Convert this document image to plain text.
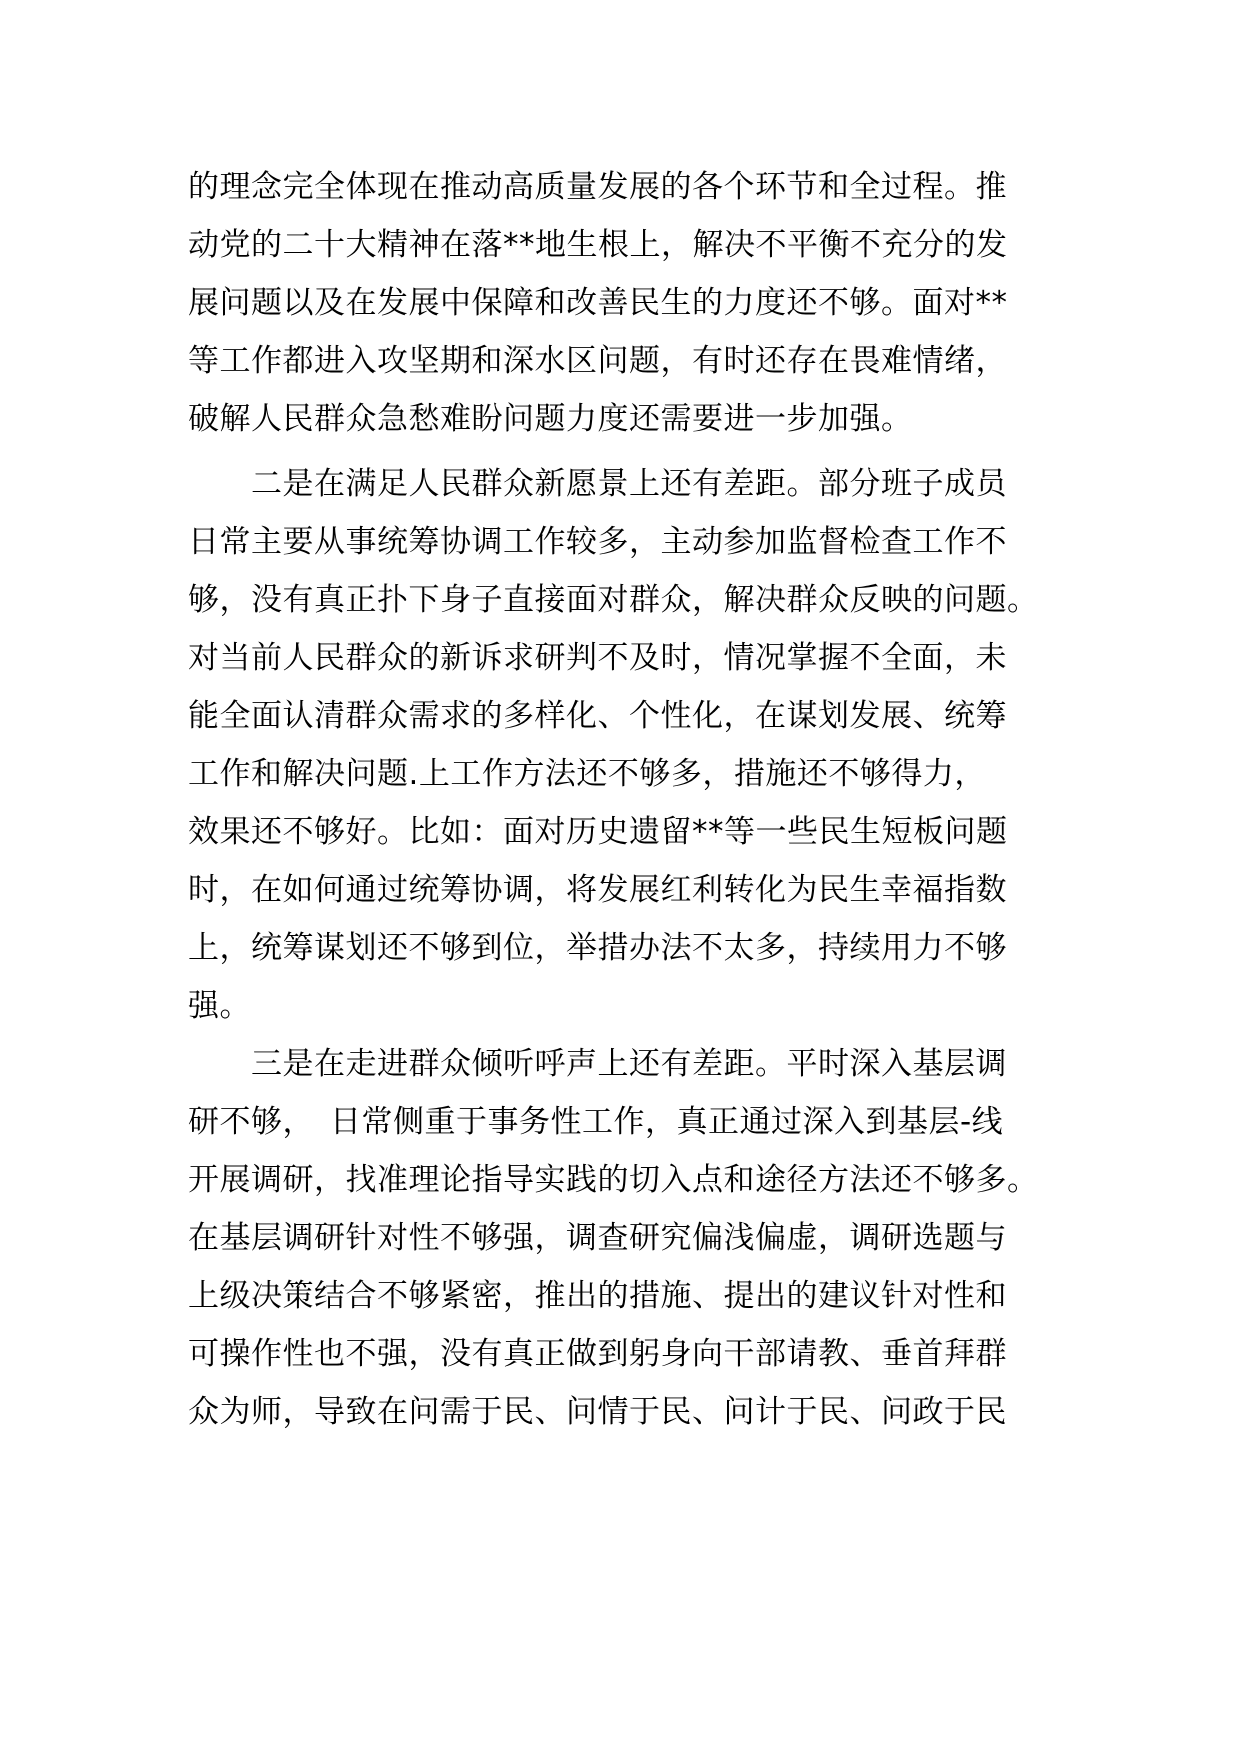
的理念完全体现在推动高质量发展的各个环节和全过程。推
动党的二十大精神在落**地生根上，解决不平衡不充分的发
展问题以及在发展中保障和改善民生的力度还不够。面对**
等工作都进入攻坚期和深水区问题，有时还存在畏难情绪，
破解人民群众急愁难盼问题力度还需要进一步加强。
　　二是在满足人民群众新愿景上还有差距。部分班子成员
日常主要从事统筹协调工作较多，主动参加监督检查工作不
够，没有真正扑下身子直接面对群众，解决群众反映的问题。
对当前人民群众的新诉求研判不及时，情况掌握不全面，未
能全面认清群众需求的多样化、个性化，在谋划发展、统筹
工作和解决问题.上工作方法还不够多，措施还不够得力，
效果还不够好。比如：面对历史遗留**等一些民生短板问题
时，在如何通过统筹协调，将发展红利转化为民生幸福指数
上，统筹谋划还不够到位，举措办法不太多，持续用力不够
强。
　　三是在走进群众倾听呼声上还有差距。平时深入基层调
研不够，　日常侧重于事务性工作，真正通过深入到基层-线
开展调研，找准理论指导实践的切入点和途径方法还不够多。
在基层调研针对性不够强，调查研究偏浅偏虚，调研选题与
上级决策结合不够紧密，推出的措施、提出的建议针对性和
可操作性也不强，没有真正做到躬身向干部请教、垂首拜群
众为师，导致在问需于民、问情于民、问计于民、问政于民
